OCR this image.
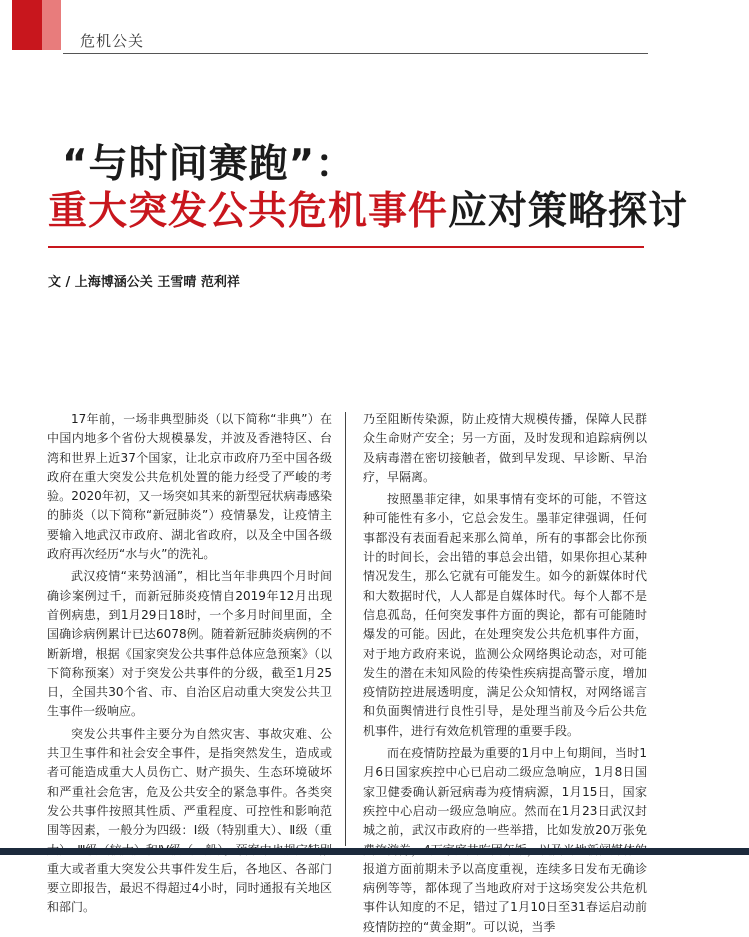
危机公关
“与时间赛跑”：
重大突发公共危机事件应对策略探讨
文 / 上海博涵公关 王雪晴 范利祥

17年前，一场非典型肺炎（以下简称“非典”）在中国内地多个省份大规模暴发，并波及香港特区、台湾和世界上近37个国家，让北京市政府乃至中国各级政府在重大突发公共危机处置的能力经受了严峻的考验。2020年初，又一场突如其来的新型冠状病毒感染的肺炎（以下简称“新冠肺炎”）疫情暴发，让疫情主要输入地武汉市政府、湖北省政府，以及全中国各级政府再次经历“水与火”的洗礼。

武汉疫情“来势汹涌”，相比当年非典四个月时间确诊案例过千，而新冠肺炎疫情自2019年12月出现首例病患，到1月29日18时，一个多月时间里面，全国确诊病例累计已达6078例。随着新冠肺炎病例的不断新增，根据《国家突发公共事件总体应急预案》（以下简称预案）对于突发公共事件的分级，截至1月25日，全国共30个省、市、自治区启动重大突发公共卫生事件一级响应。

突发公共事件主要分为自然灾害、事故灾难、公共卫生事件和社会安全事件，是指突然发生，造成或者可能造成重大人员伤亡、财产损失、生态环境破坏和严重社会危害，危及公共安全的紧急事件。各类突发公共事件按照其性质、严重程度、可控性和影响范围等因素，一般分为四级：Ⅰ级（特别重大）、Ⅱ级（重 重大或者重大突发公共事件发生后，各地区、各部门要立即报告，最迟不得超过4小时，同时通报有关地区和部门。

乃至阻断传染源，防止疫情大规模传播，保障人民群众生命财产安全；另一方面，及时发现和追踪病例以及病毒潜在密切接触者，做到早发现、早诊断、早治疗，早隔离。

按照墨菲定律，如果事情有变坏的可能，不管这种可能性有多小，它总会发生。墨菲定律强调，任何事都没有表面看起来那么简单，所有的事都会比你预计的时间长，会出错的事总会出错，如果你担心某种情况发生，那么它就有可能发生。如今的新媒体时代和大数据时代，人人都是自媒体时代。每个人都不是信息孤岛，任何突发事件方面的舆论，都有可能随时爆发的可能。因此，在处理突发公共危机事件方面，对于地方政府来说，监测公众网络舆论动态，对可能发生的潜在未知风险的传染性疾病提高警示度，增加疫情防控进展透明度，满足公众知情权，对网络谣言和负面舆情进行良性引导，是处理当前及今后公共危机事件，进行有效危机管理的重要手段。

而在疫情防控最为重要的1月中上旬期间，当时1月6日国家疾控中心已启动二级应急响应，1月8日国家卫健委确认新冠病毒为疫情病源，1月15日，国家疾控中心启动一级应急响应。然而在1月23日武汉封城之前，武汉市政府的一些举措，比如发放20万张免 报道方面前期未予以高度重视，连续多日发布无确诊病例等等，都体现了当地政府对于这场突发公共危机事件认知度的不足，错过了1月10日至31春运启动前疫情防控的“黄金期”。可以说，当季
